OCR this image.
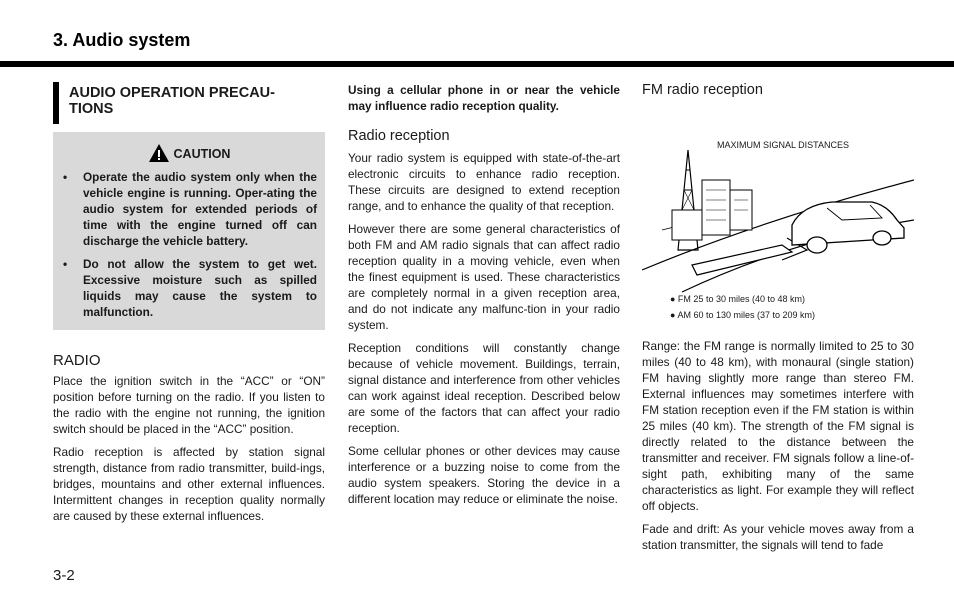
3. Audio system
AUDIO OPERATION PRECAU-
TIONS
CAUTION
• Operate the audio system only when the vehicle engine is running. Oper-ating the audio system for extended periods of time with the engine turned off can discharge the vehicle battery.
• Do not allow the system to get wet. Excessive moisture such as spilled liquids may cause the system to malfunction.
RADIO

Place the ignition switch in the “ACC” or “ON” position before turning on the radio. If you listen to the radio with the engine not running, the ignition switch should be placed in the “ACC” position.

Radio reception is affected by station signal strength, distance from radio transmitter, build-ings, bridges, mountains and other external influences. Intermittent changes in reception quality normally are caused by these external influences.

Using a cellular phone in or near the vehicle may influence radio reception quality.

Radio reception

Your radio system is equipped with state-of-the-art electronic circuits to enhance radio reception. These circuits are designed to extend reception range, and to enhance the quality of that reception.

However there are some general characteristics of both FM and AM radio signals that can affect radio reception quality in a moving vehicle, even when the finest equipment is used. These characteristics are completely normal in a given reception area, and do not indicate any malfunc-tion in your radio system.

Reception conditions will constantly change because of vehicle movement. Buildings, terrain, signal distance and interference from other vehicles can work against ideal reception. Described below are some of the factors that can affect your radio reception.

Some cellular phones or other devices may cause interference or a buzzing noise to come from the audio system speakers. Storing the device in a different location may reduce or eliminate the noise.

FM radio reception
MAXIMUM SIGNAL DISTANCES
● FM 25 to 30 miles (40 to 48 km)
● AM 60 to 130 miles (37 to 209 km)

Range: the FM range is normally limited to 25 to 30 miles (40 to 48 km), with monaural (single station) FM having slightly more range than stereo FM. External influences may sometimes interfere with FM station reception even if the FM station is within 25 miles (40 km). The strength of the FM signal is directly related to the distance between the transmitter and receiver. FM signals follow a line-of-sight path, exhibiting many of the same characteristics as light. For example they will reflect off objects.

Fade and drift: As your vehicle moves away from a station transmitter, the signals will tend to fade

3-2
